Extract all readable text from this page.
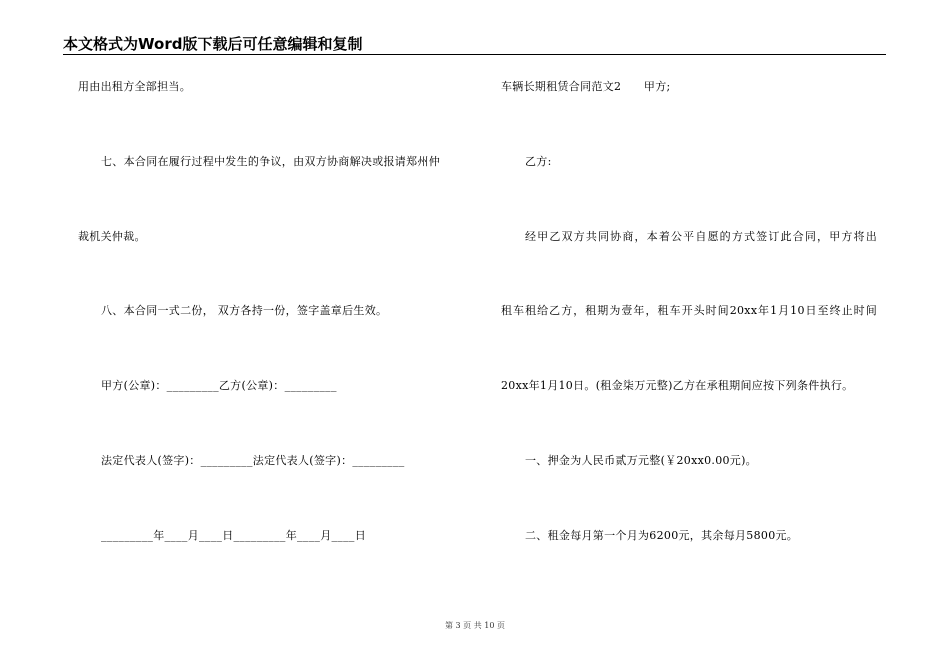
本文格式为Word版下载后可任意编辑和复制
用由出租方全部担当。
七、本合同在履行过程中发生的争议，由双方协商解决或报请郑州仲
裁机关仲裁。
八、本合同一式二份， 双方各持一份，签字盖章后生效。
甲方(公章)：_________乙方(公章)：_________
法定代表人(签字)：_________法定代表人(签字)：_________
_________年____月____日_________年____月____日
车辆长期租赁合同范文2　　甲方;
乙方:
经甲乙双方共同协商，本着公平自愿的方式签订此合同，甲方将出
租车租给乙方，租期为壹年，租车开头时间20xx年1月10日至终止时间
20xx年1月10日。(租金柒万元整)乙方在承租期间应按下列条件执行。
一、押金为人民币贰万元整(￥20xx0.00元)。
二、租金每月第一个月为6200元，其余每月5800元。
第 3 页 共 10 页
